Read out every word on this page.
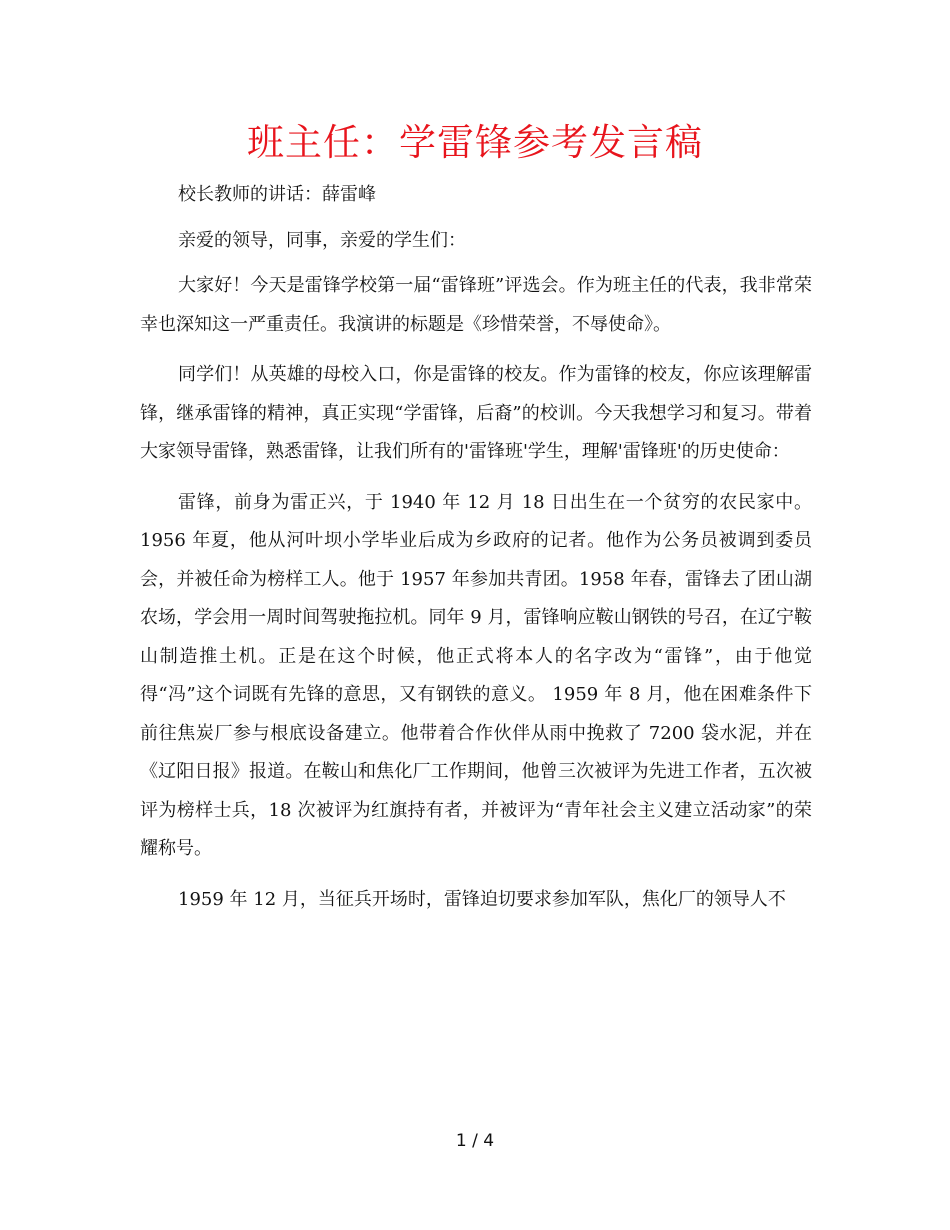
班主任：学雷锋参考发言稿

校长教师的讲话：薛雷峰

亲爱的领导，同事，亲爱的学生们：

大家好！今天是雷锋学校第一届“雷锋班”评选会。作为班主任的代表，我非常荣幸也深知这一严重责任。我演讲的标题是《珍惜荣誉，不辱使命》。

同学们！从英雄的母校入口，你是雷锋的校友。作为雷锋的校友，你应该理解雷锋，继承雷锋的精神，真正实现“学雷锋，后裔”的校训。今天我想学习和复习。带着大家领导雷锋，熟悉雷锋，让我们所有的'雷锋班'学生，理解'雷锋班'的历史使命：

雷锋，前身为雷正兴，于 1940 年 12 月 18 日出生在一个贫穷的农民家中。1956 年夏，他从河叶坝小学毕业后成为乡政府的记者。他作为公务员被调到委员会，并被任命为榜样工人。他于 1957 年参加共青团。1958 年春，雷锋去了团山湖农场，学会用一周时间驾驶拖拉机。同年 9 月，雷锋响应鞍山钢铁的号召，在辽宁鞍山制造推土机。正是在这个时候，他正式将本人的名字改为“雷锋”，由于他觉得“冯”这个词既有先锋的意思，又有钢铁的意义。 1959 年 8 月，他在困难条件下前往焦炭厂参与根底设备建立。他带着合作伙伴从雨中挽救了 7200 袋水泥，并在《辽阳日报》报道。在鞍山和焦化厂工作期间，他曾三次被评为先进工作者，五次被评为榜样士兵，18 次被评为红旗持有者，并被评为“青年社会主义建立活动家”的荣耀称号。

1959 年 12 月，当征兵开场时，雷锋迫切要求参加军队，焦化厂的领导人不

1 / 4
